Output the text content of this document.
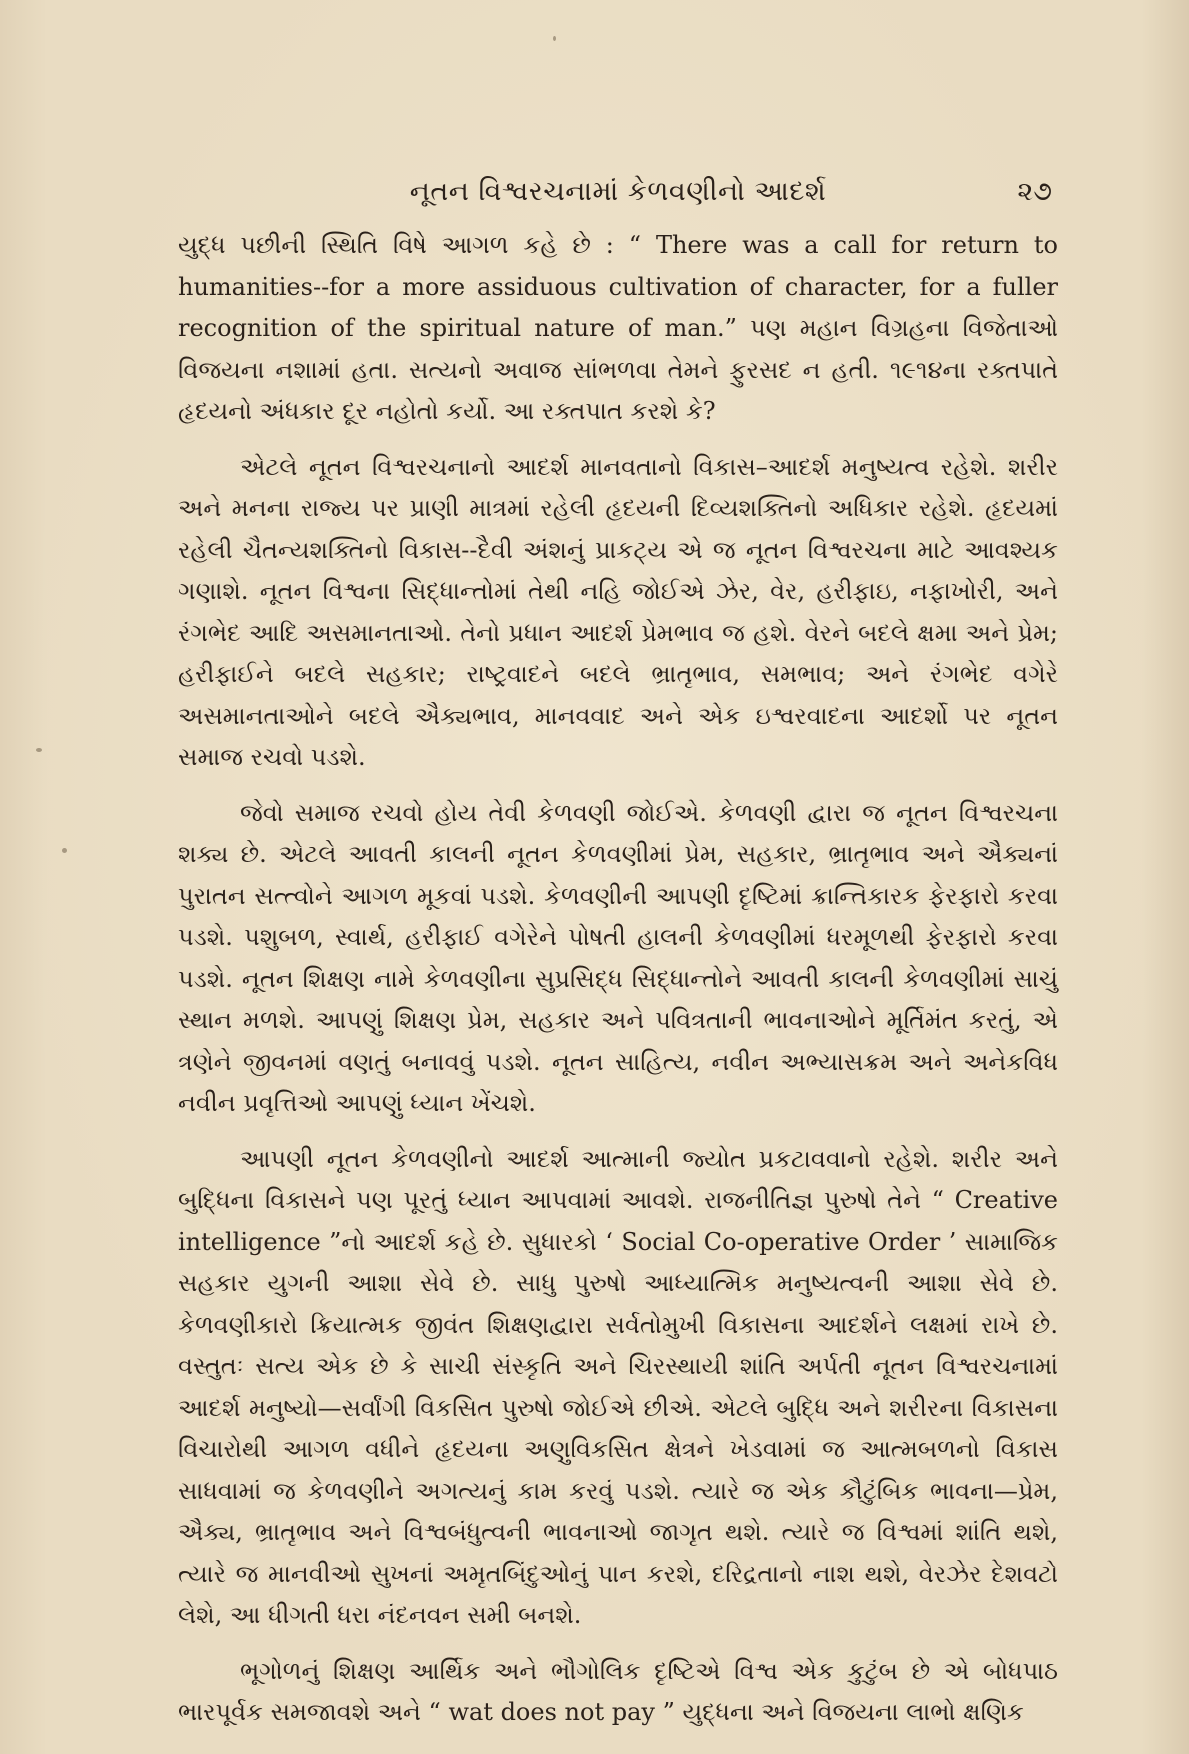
નૂતન વિશ્વરચનામાં કેળવણીનો આદર્શ	૨૭

યુદ્ધ પછીની સ્થિતિ વિષે આગળ કહે છે : “ There was a call for return to humanities--for a more assiduous cultivation of character, for a fuller recognition of the spiritual nature of man.” પણ મહાન વિગ્રહના વિજેતાઓ વિજયના નશામાં હતા. સત્યનો અવાજ સાંભળવા તેમને ફુરસદ ન હતી. ૧૯૧૪ના રક્તપાતે હૃદયનો અંધકાર દૂર નહોતો કર્યો. આ રક્તપાત કરશે કે?

એટલે નૂતન વિશ્વરચનાનો આદર્શ માનવતાનો વિકાસ–આદર્શ મનુષ્યત્વ રહેશે. શરીર અને મનના રાજ્ય પર પ્રાણી માત્રમાં રહેલી હૃદયની દિવ્યશક્તિનો અધિકાર રહેશે. હૃદયમાં રહેલી ચૈતન્યશક્તિનો વિકાસ--દૈવી અંશનું પ્રાકટ્ય એ જ નૂતન વિશ્વરચના માટે આવશ્યક ગણાશે. નૂતન વિશ્વના સિદ્ધાન્તોમાં તેથી નહિ જોઈએ ઝેર, વેર, હરીફાઇ, નફાખોરી, અને રંગભેદ આદિ અસમાનતાઓ. તેનો પ્રધાન આદર્શ પ્રેમભાવ જ હશે. વેરને બદલે ક્ષમા અને પ્રેમ; હરીફાઈને બદલે સહકાર; રાષ્ટ્રવાદને બદલે ભ્રાતૃભાવ, સમભાવ; અને રંગભેદ વગેરે અસમાનતાઓને બદલે ઐક્યભાવ, માનવવાદ અને એક ઇશ્વરવાદના આદર્શો પર નૂતન સમાજ રચવો પડશે.

જેવો સમાજ રચવો હોય તેવી કેળવણી જોઈએ. કેળવણી દ્વારા જ નૂતન વિશ્વરચના શક્ય છે. એટલે આવતી કાલની નૂતન કેળવણીમાં પ્રેમ, સહકાર, ભ્રાતૃભાવ અને ઐક્યનાં પુરાતન સત્ત્વોને આગળ મૂકવાં પડશે. કેળવણીની આપણી દૃષ્ટિમાં ક્રાન્તિકારક ફેરફારો કરવા પડશે. પશુબળ, સ્વાર્થ, હરીફાઈ વગેરેને પોષતી હાલની કેળવણીમાં ધરમૂળથી ફેરફારો કરવા પડશે. નૂતન શિક્ષણ નામે કેળવણીના સુપ્રસિદ્ધ સિદ્ધાન્તોને આવતી કાલની કેળવણીમાં સાચું સ્થાન મળશે. આપણું શિક્ષણ પ્રેમ, સહકાર અને પવિત્રતાની ભાવનાઓને મૂર્તિમંત કરતું, એ ત્રણેને જીવનમાં વણતું બનાવવું પડશે. નૂતન સાહિત્ય, નવીન અભ્યાસક્રમ અને અનેકવિધ નવીન પ્રવૃત્તિઓ આપણું ધ્યાન ખેંચશે.

આપણી નૂતન કેળવણીનો આદર્શ આત્માની જ્યોત પ્રકટાવવાનો રહેશે. શરીર અને બુદ્ધિના વિકાસને પણ પૂરતું ધ્યાન આપવામાં આવશે. રાજનીતિજ્ઞ પુરુષો તેને “ Creative intelligence ”નો આદર્શ કહે છે. સુધારકો ‘ Social Co-operative Order ’ સામાજિક સહકાર યુગની આશા સેવે છે. સાધુ પુરુષો આધ્યાત્મિક મનુષ્યત્વની આશા સેવે છે. કેળવણીકારો ક્રિયાત્મક જીવંત શિક્ષણદ્વારા સર્વતોમુખી વિકાસના આદર્શને લક્ષમાં રાખે છે. વસ્તુતઃ સત્ય એક છે કે સાચી સંસ્કૃતિ અને ચિરસ્થાયી શાંતિ અર્પતી નૂતન વિશ્વરચનામાં આદર્શ મનુષ્યો—સર્વાંગી વિકસિત પુરુષો જોઈએ છીએ. એટલે બુદ્ધિ અને શરીરના વિકાસના વિચારોથી આગળ વધીને હૃદયના અણુવિકસિત ક્ષેત્રને ખેડવામાં જ આત્મબળનો વિકાસ સાધવામાં જ કેળવણીને અગત્યનું કામ કરવું પડશે. ત્યારે જ એક કૌટુંબિક ભાવના—પ્રેમ, ઐક્ય, ભ્રાતૃભાવ અને વિશ્વબંધુત્વની ભાવનાઓ જાગૃત થશે. ત્યારે જ વિશ્વમાં શાંતિ થશે, ત્યારે જ માનવીઓ સુખનાં અમૃતબિંદુઓનું પાન કરશે, દરિદ્રતાનો નાશ થશે, વેરઝેર દેશવટો લેશે, આ ધીગતી ધરા નંદનવન સમી બનશે.

ભૂગોળનું શિક્ષણ આર્થિક અને ભૌગોલિક દૃષ્ટિએ વિશ્વ એક કુટુંબ છે એ બોધપાઠ ભારપૂર્વક સમજાવશે અને “ wat does not pay ” યુદ્ધના અને વિજયના લાભો ક્ષણિક
